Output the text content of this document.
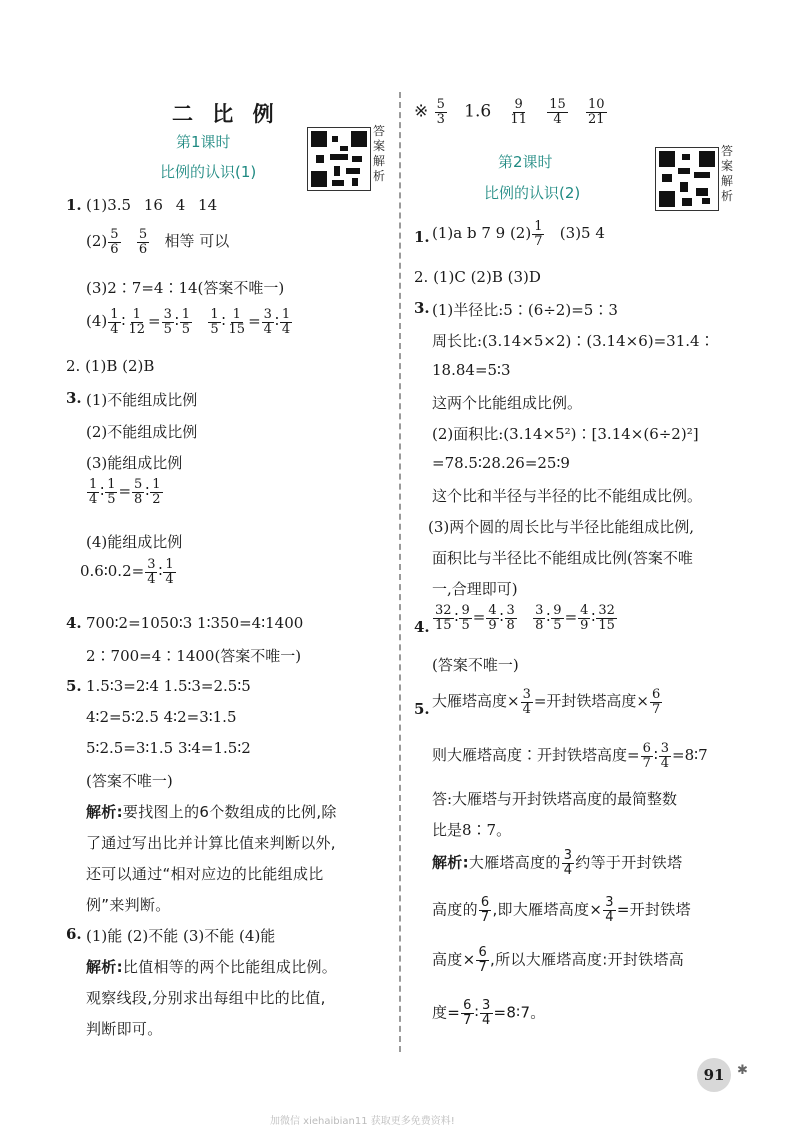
二 比 例
第1课时
比例的认识(1)
答
案
解
析
1. (1)3.5 16 4 14
$(2) \frac{5}{6}$
$\frac{5}{6}$ 相等 可以
(3)2∶7=4∶14(答案不唯一)
$(4) \frac{1}{4}$ ∶ $\frac{1}{12} = \frac{3}{5}$ ∶ $\frac{1}{5}$
$\frac{1}{5}$ ∶ $\frac{1}{15} = \frac{3}{4}$ ∶ $\frac{1}{4}$
2. (1)B (2)B
3. (1)不能组成比例
(2)不能组成比例
(3)能组成比例
$\frac{1}{4}$ ∶ $\frac{1}{5} = \frac{5}{8}$ ∶ $\frac{1}{2}$
(4)能组成比例
0.6∶0.2= $\frac{3}{4}$ ∶ $\frac{1}{4}$
4. 700∶2=1050∶3 1∶350=4∶1400
2∶700=4∶1400(答案不唯一)
5. 1.5∶3=2∶4 1.5∶3=2.5∶5
4∶2=5∶2.5 4∶2=3∶1.5
5∶2.5=3∶1.5 3∶4=1.5∶2
(答案不唯一)
解析:要找图上的6个数组成的比例,除
了通过写出比并计算比值来判断以外,
还可以通过“相对应边的比能组成比
例”来判断。
6. (1)能 (2)不能 (3)不能 (4)能
解析:比值相等的两个比能组成比例。
观察线段,分别求出每组中比的比值,
判断即可。
※ $\frac{5}{3} 1.6 \frac{9}{11}$
$\frac{15}{4}$
$\frac{10}{21}$
第2课时
比例的认识(2)
答
案
解
析
1. (1)a b 7 9 $(2) \frac{1}{7} (3)5$ 4
2. (1)C (2)B (3)D
3. (1)半径比:5∶(6÷2)=5∶3
周长比:(3.14×5×2)∶(3.14×6)=31.4∶
18.84=5∶3
这两个比能组成比例。
(2)面积比:(3.14×5²)∶[3.14×(6÷2)²]
=78.5∶28.26=25∶9
这个比和半径与半径的比不能组成比例。
(3)两个圆的周长比与半径比能组成比例,
面积比与半径比不能组成比例(答案不唯
一,合理即可)
4. $\frac{32}{15}$ ∶ $\frac{9}{5} = \frac{4}{9}$ ∶ $\frac{3}{8}$
$\frac{3}{8}$ ∶ $\frac{9}{5} = \frac{4}{9}$ ∶ $\frac{32}{15}$
(答案不唯一)
5. 大雁塔高度× $\frac{3}{4}$ =开封铁塔高度× $\frac{6}{7}$
则大雁塔高度∶开封铁塔高度= $\frac{6}{7}$ ∶ $\frac{3}{4}$ =8∶7
答:大雁塔与开封铁塔高度的最简整数
比是8∶7。
解析:大雁塔高度的 $\frac{3}{4}$ 约等于开封铁塔
高度的 $\frac{6}{7}$ ,即大雁塔高度× $\frac{3}{4}$ =开封铁塔
高度× $\frac{6}{7}$ ,所以大雁塔高度:开封铁塔高
度= $\frac{6}{7}$ ∶ $\frac{3}{4}$ =8∶7。
91 ✱
加微信 xiehaibian11 获取更多免费资料!
